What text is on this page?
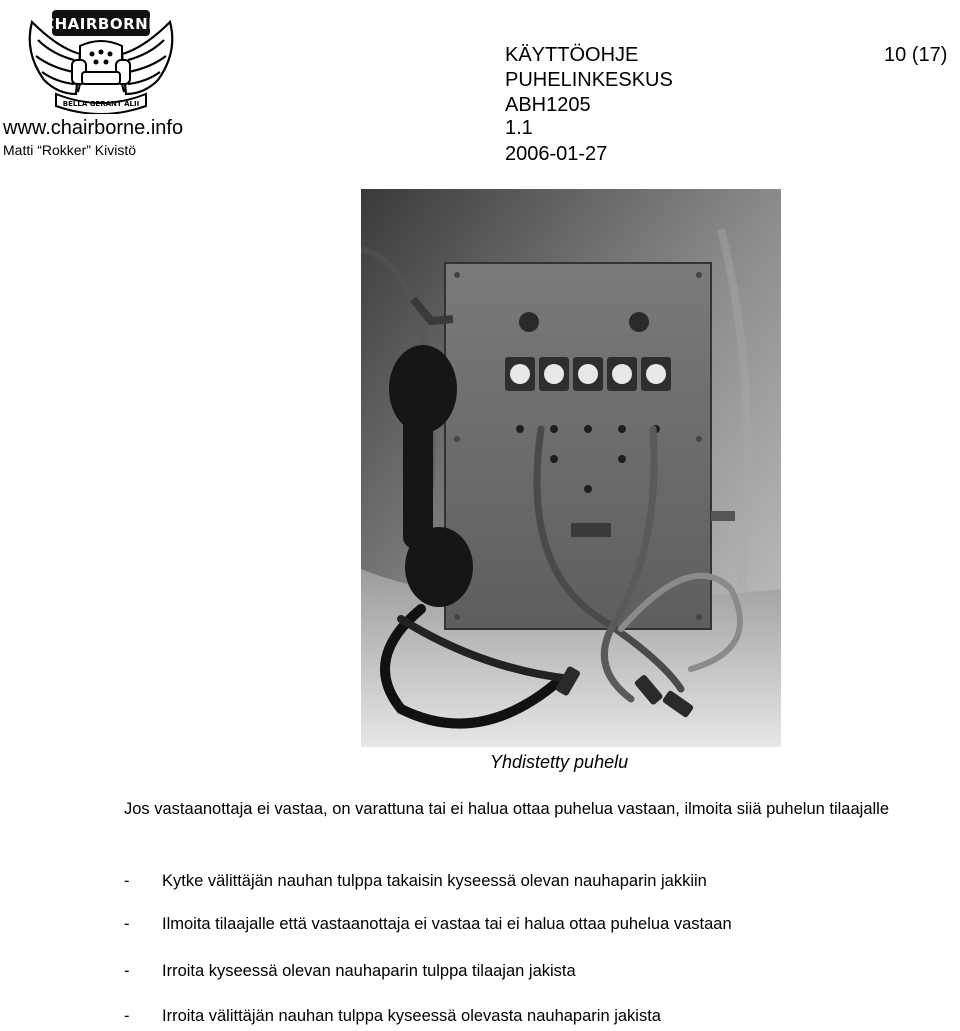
CHAIRBORNE
BELLA GERANT ALII
www.chairborne.info
Matti “Rokker” Kivistö
KÄYTTÖOHJE
PUHELINKESKUS
ABH1205
1.1
2006-01-27
10 (17)
Yhdistetty puhelu
Jos vastaanottaja ei vastaa, on varattuna tai ei halua ottaa puhelua vastaan, ilmoita siiä puhelun tilaajalle
- Kytke välittäjän nauhan tulppa takaisin kyseessä olevan nauhaparin jakkiin
- Ilmoita tilaajalle että vastaanottaja ei vastaa tai ei halua ottaa puhelua vastaan
- Irroita kyseessä olevan nauhaparin tulppa tilaajan jakista
- Irroita välittäjän nauhan tulppa kyseessä olevasta nauhaparin jakista
